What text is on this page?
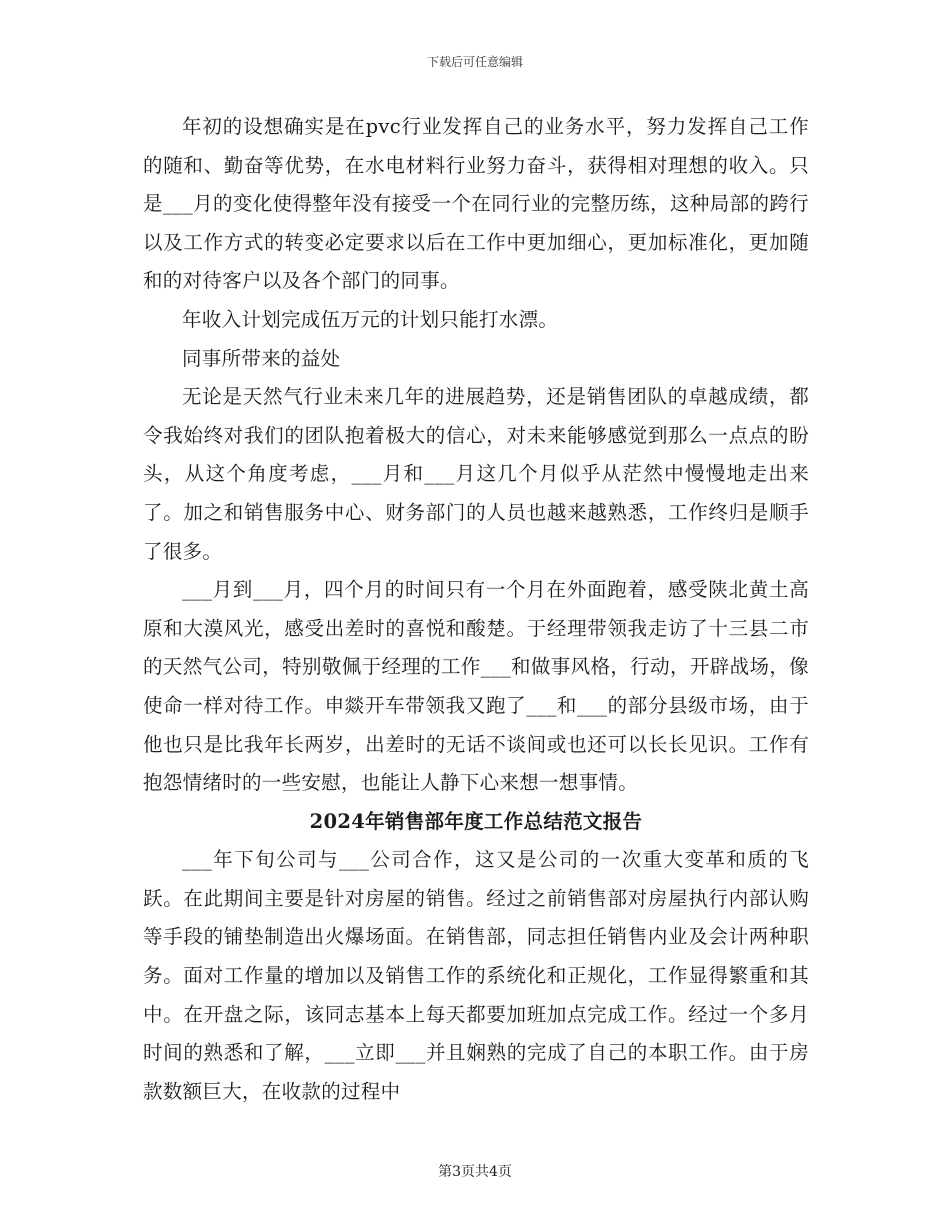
下载后可任意编辑

年初的设想确实是在pvc行业发挥自己的业务水平，努力发挥自己工作的随和、勤奋等优势，在水电材料行业努力奋斗，获得相对理想的收入。只是___月的变化使得整年没有接受一个在同行业的完整历练，这种局部的跨行以及工作方式的转变必定要求以后在工作中更加细心，更加标准化，更加随和的对待客户以及各个部门的同事。

年收入计划完成伍万元的计划只能打水漂。

同事所带来的益处

无论是天然气行业未来几年的进展趋势，还是销售团队的卓越成绩，都令我始终对我们的团队抱着极大的信心，对未来能够感觉到那么一点点的盼头，从这个角度考虑，___月和___月这几个月似乎从茫然中慢慢地走出来了。加之和销售服务中心、财务部门的人员也越来越熟悉，工作终归是顺手了很多。

___月到___月，四个月的时间只有一个月在外面跑着，感受陕北黄土高原和大漠风光，感受出差时的喜悦和酸楚。于经理带领我走访了十三县二市的天然气公司，特别敬佩于经理的工作___和做事风格，行动，开辟战场，像使命一样对待工作。申燚开车带领我又跑了___和___的部分县级市场，由于他也只是比我年长两岁，出差时的无话不谈间或也还可以长长见识。工作有抱怨情绪时的一些安慰，也能让人静下心来想一想事情。

2024年销售部年度工作总结范文报告

___年下旬公司与___公司合作，这又是公司的一次重大变革和质的飞跃。在此期间主要是针对房屋的销售。经过之前销售部对房屋执行内部认购等手段的铺垫制造出火爆场面。在销售部，同志担任销售内业及会计两种职务。面对工作量的增加以及销售工作的系统化和正规化，工作显得繁重和其中。在开盘之际，该同志基本上每天都要加班加点完成工作。经过一个多月时间的熟悉和了解，___立即___并且娴熟的完成了自己的本职工作。由于房款数额巨大，在收款的过程中

第3页共4页
